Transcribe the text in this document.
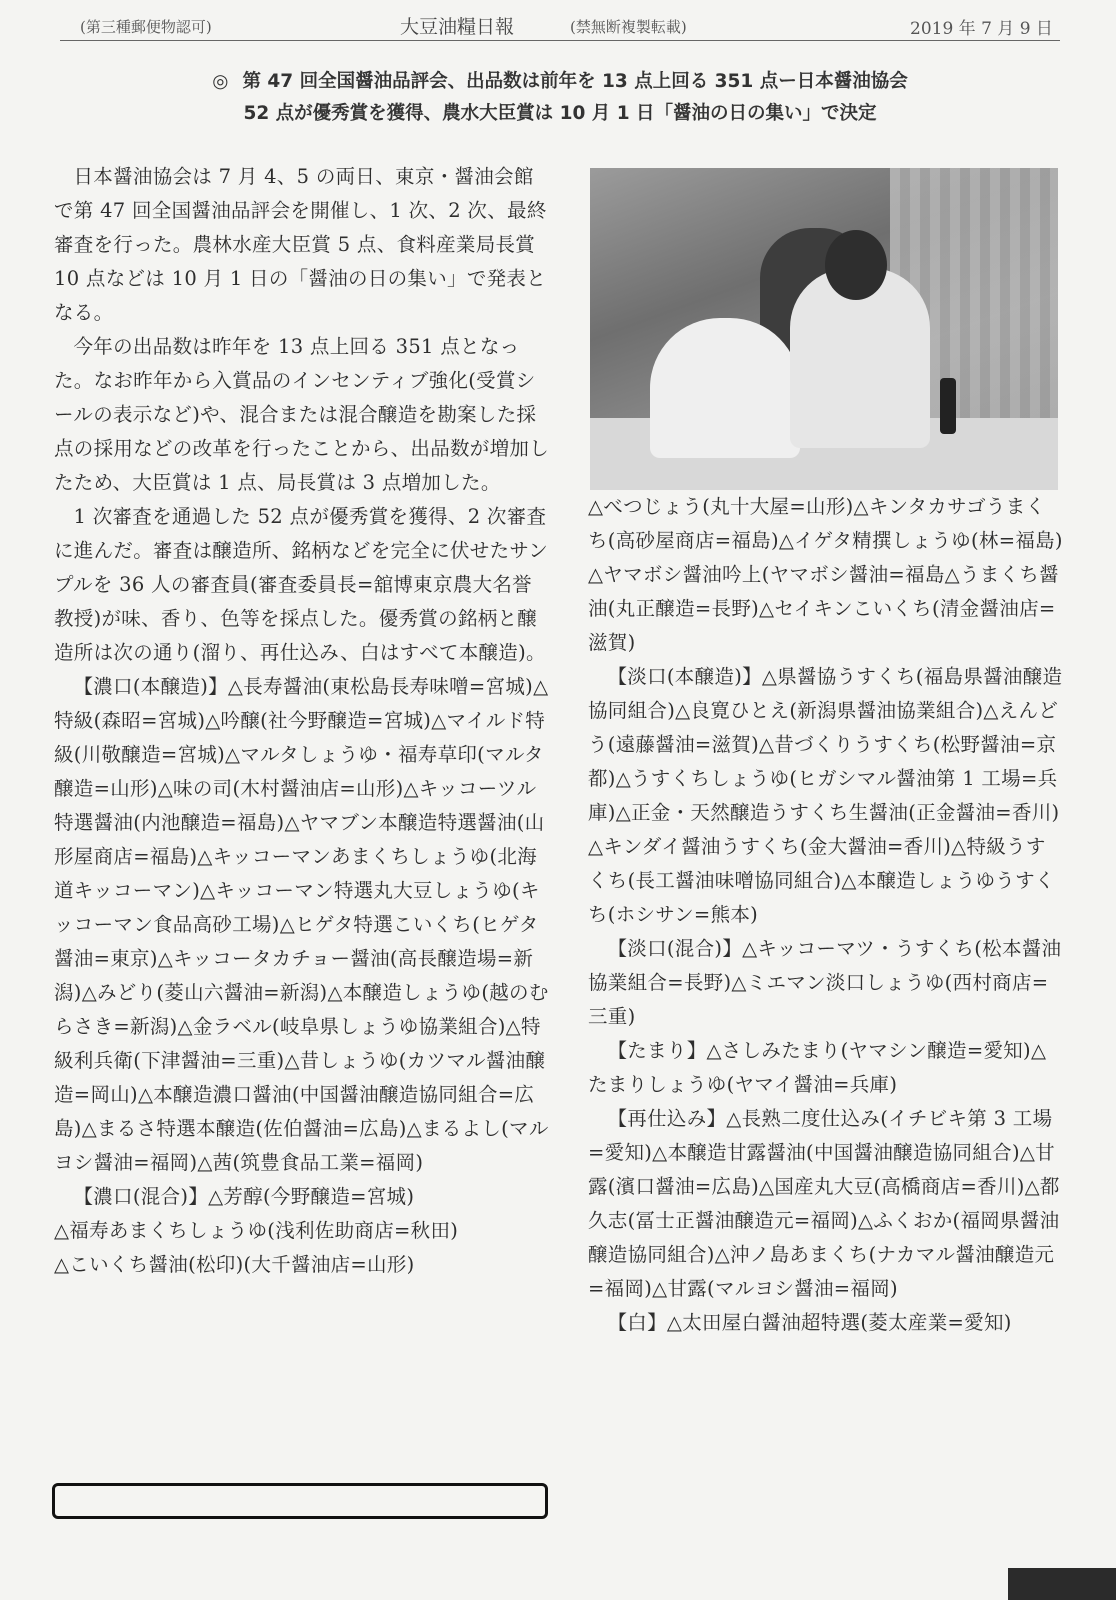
(第三種郵便物認可)	大豆油糧日報	(禁無断複製転載)	2019 年 7 月 9 日
◎ 第 47 回全国醤油品評会、出品数は前年を 13 点上回る 351 点ー日本醤油協会
52 点が優秀賞を獲得、農水大臣賞は 10 月 1 日「醤油の日の集い」で決定

日本醤油協会は 7 月 4、5 の両日、東京・醤油会館で第 47 回全国醤油品評会を開催し、1 次、2 次、最終審査を行った。農林水産大臣賞 5 点、食料産業局長賞 10 点などは 10 月 1 日の「醤油の日の集い」で発表となる。

今年の出品数は昨年を 13 点上回る 351 点となった。なお昨年から入賞品のインセンティブ強化(受賞シールの表示など)や、混合または混合醸造を勘案した採点の採用などの改革を行ったことから、出品数が増加したため、大臣賞は 1 点、局長賞は 3 点増加した。

1 次審査を通過した 52 点が優秀賞を獲得、2 次審査に進んだ。審査は醸造所、銘柄などを完全に伏せたサンプルを 36 人の審査員(審査委員長=舘博東京農大名誉教授)が味、香り、色等を採点した。優秀賞の銘柄と醸造所は次の通り(溜り、再仕込み、白はすべて本醸造)。

【濃口(本醸造)】△長寿醤油(東松島長寿味噌=宮城)△特級(森昭=宮城)△吟醸(社今野醸造=宮城)△マイルド特級(川敬醸造=宮城)△マルタしょうゆ・福寿草印(マルタ醸造=山形)△味の司(木村醤油店=山形)△キッコーツル特選醤油(内池醸造=福島)△ヤマブン本醸造特選醤油(山形屋商店=福島)△キッコーマンあまくちしょうゆ(北海道キッコーマン)△キッコーマン特選丸大豆しょうゆ(キッコーマン食品高砂工場)△ヒゲタ特選こいくち(ヒゲタ醤油=東京)△キッコータカチョー醤油(高長醸造場=新潟)△みどり(菱山六醤油=新潟)△本醸造しょうゆ(越のむらさき=新潟)△金ラベル(岐阜県しょうゆ協業組合)△特級利兵衛(下津醤油=三重)△昔しょうゆ(カツマル醤油醸造=岡山)△本醸造濃口醤油(中国醤油醸造協同組合=広島)△まるさ特選本醸造(佐伯醤油=広島)△まるよし(マルヨシ醤油=福岡)△茜(筑豊食品工業=福岡)

【濃口(混合)】△芳醇(今野醸造=宮城)

△福寿あまくちしょうゆ(浅利佐助商店=秋田)

△こいくち醤油(松印)(大千醤油店=山形)

△べつじょう(丸十大屋=山形)△キンタカサゴうまくち(高砂屋商店=福島)△イゲタ精撰しょうゆ(林=福島)△ヤマボシ醤油吟上(ヤマボシ醤油=福島△うまくち醤油(丸正醸造=長野)△セイキンこいくち(清金醤油店=滋賀)

【淡口(本醸造)】△県醤協うすくち(福島県醤油醸造協同組合)△良寛ひとえ(新潟県醤油協業組合)△えんどう(遠藤醤油=滋賀)△昔づくりうすくち(松野醤油=京都)△うすくちしょうゆ(ヒガシマル醤油第 1 工場=兵庫)△正金・天然醸造うすくち生醤油(正金醤油=香川)△キンダイ醤油うすくち(金大醤油=香川)△特級うすくち(長工醤油味噌協同組合)△本醸造しょうゆうすくち(ホシサン=熊本)

【淡口(混合)】△キッコーマツ・うすくち(松本醤油協業組合=長野)△ミエマン淡口しょうゆ(西村商店=三重)

【たまり】△さしみたまり(ヤマシン醸造=愛知)△たまりしょうゆ(ヤマイ醤油=兵庫)

【再仕込み】△長熟二度仕込み(イチビキ第 3 工場=愛知)△本醸造甘露醤油(中国醤油醸造協同組合)△甘露(濱口醤油=広島)△国産丸大豆(高橋商店=香川)△都久志(冨士正醤油醸造元=福岡)△ふくおか(福岡県醤油醸造協同組合)△沖ノ島あまくち(ナカマル醤油醸造元=福岡)△甘露(マルヨシ醤油=福岡)

【白】△太田屋白醤油超特選(菱太産業=愛知)
